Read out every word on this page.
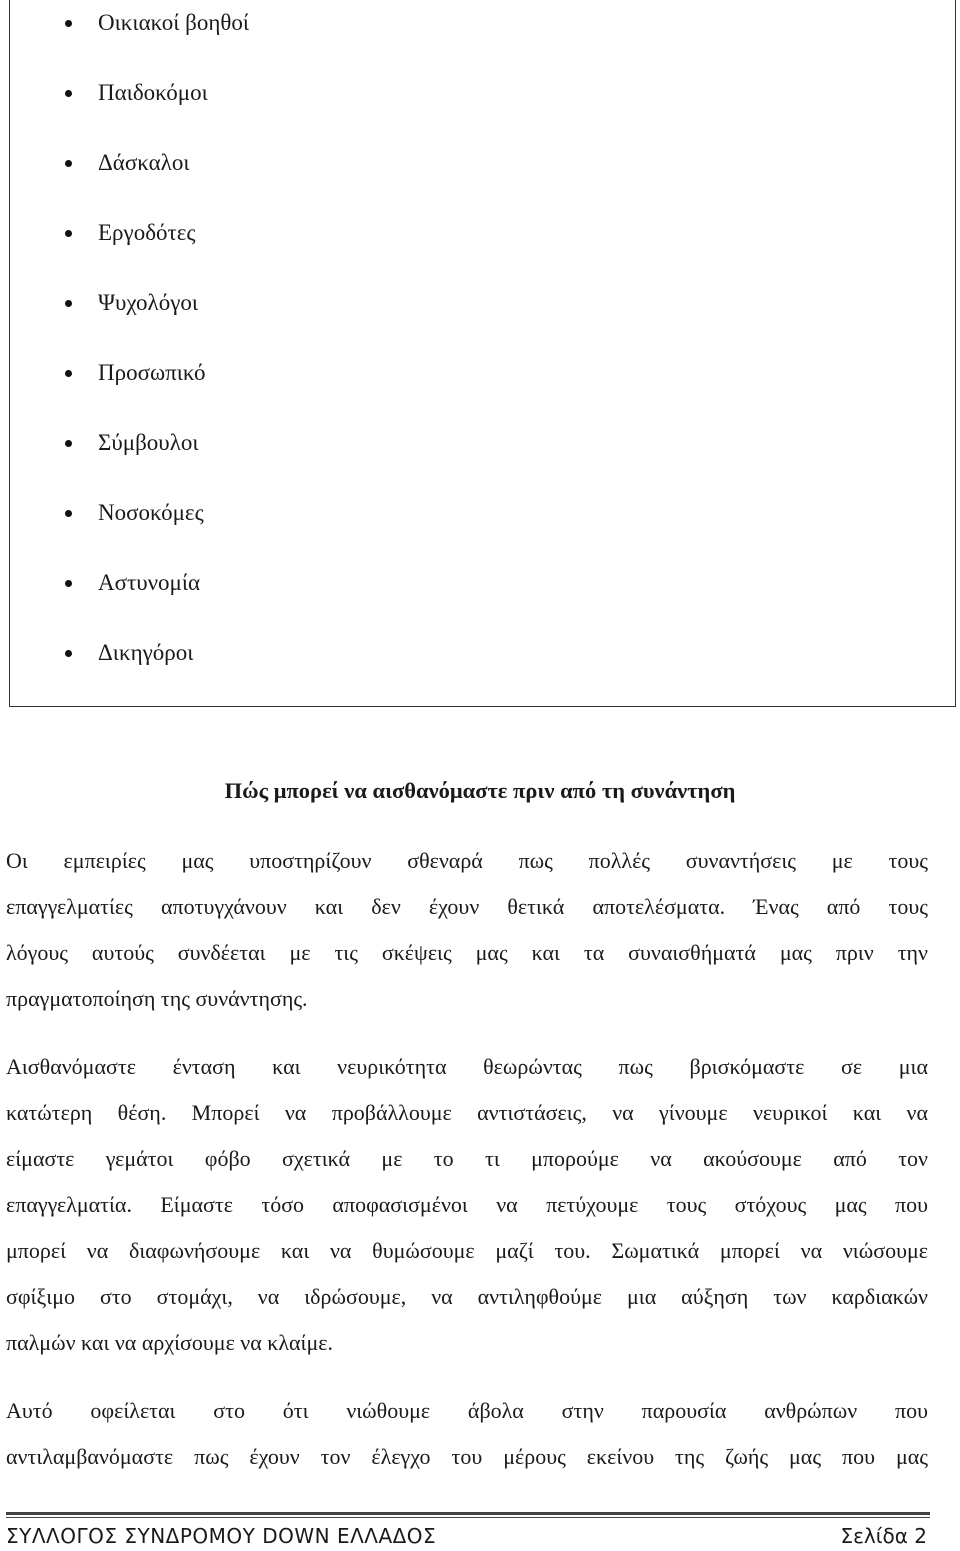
Οικιακοί βοηθοί
Παιδοκόμοι
Δάσκαλοι
Εργοδότες
Ψυχολόγοι
Προσωπικό
Σύμβουλοι
Νοσοκόμες
Αστυνομία
Δικηγόροι
Πώς μπορεί να αισθανόμαστε πριν από τη συνάντηση
Οι εμπειρίες μας υποστηρίζουν σθεναρά πως πολλές συναντήσεις με τους
επαγγελματίες αποτυγχάνουν και δεν έχουν θετικά αποτελέσματα. Ένας από τους
λόγους αυτούς συνδέεται με τις σκέψεις μας και τα συναισθήματά μας πριν την
πραγματοποίηση της συνάντησης.
Αισθανόμαστε ένταση και νευρικότητα θεωρώντας πως βρισκόμαστε σε μια
κατώτερη θέση. Μπορεί να προβάλλουμε αντιστάσεις, να γίνουμε νευρικοί και να
είμαστε γεμάτοι φόβο σχετικά με το τι μπορούμε να ακούσουμε από τον
επαγγελματία. Είμαστε τόσο αποφασισμένοι να πετύχουμε τους στόχους μας που
μπορεί να διαφωνήσουμε και να θυμώσουμε μαζί του. Σωματικά μπορεί να νιώσουμε
σφίξιμο στο στομάχι, να ιδρώσουμε, να αντιληφθούμε μια αύξηση των καρδιακών
παλμών και να αρχίσουμε να κλαίμε.
Αυτό οφείλεται στο ότι νιώθουμε άβολα στην παρουσία ανθρώπων που
αντιλαμβανόμαστε πως έχουν τον έλεγχο του μέρους εκείνου της ζωής μας που μας
ΣΥΛΛΟΓΟΣ ΣΥΝΔΡΟΜΟΥ DOWN ΕΛΛΑΔΟΣ	Σελίδα 2
